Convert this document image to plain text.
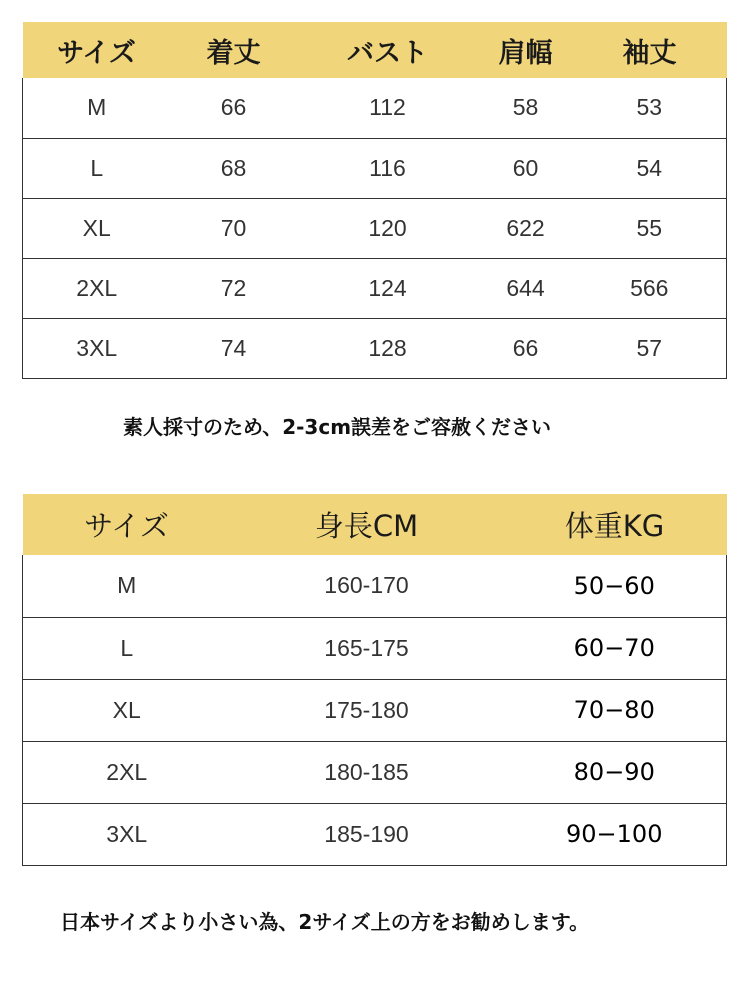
サイズ	着丈	バスト	肩幅	袖丈
M	66	112	58	53
L	68	116	60	54
XL	70	120	622	55
2XL	72	124	644	566
3XL	74	128	66	57
素人採寸のため、2-3cm誤差をご容赦ください
サイズ	身長CM	体重KG
M	160-170	50−60
L	165-175	60−70
XL	175-180	70−80
2XL	180-185	80−90
3XL	185-190	90−100
日本サイズより小さい為、2サイズ上の方をお勧めします。
